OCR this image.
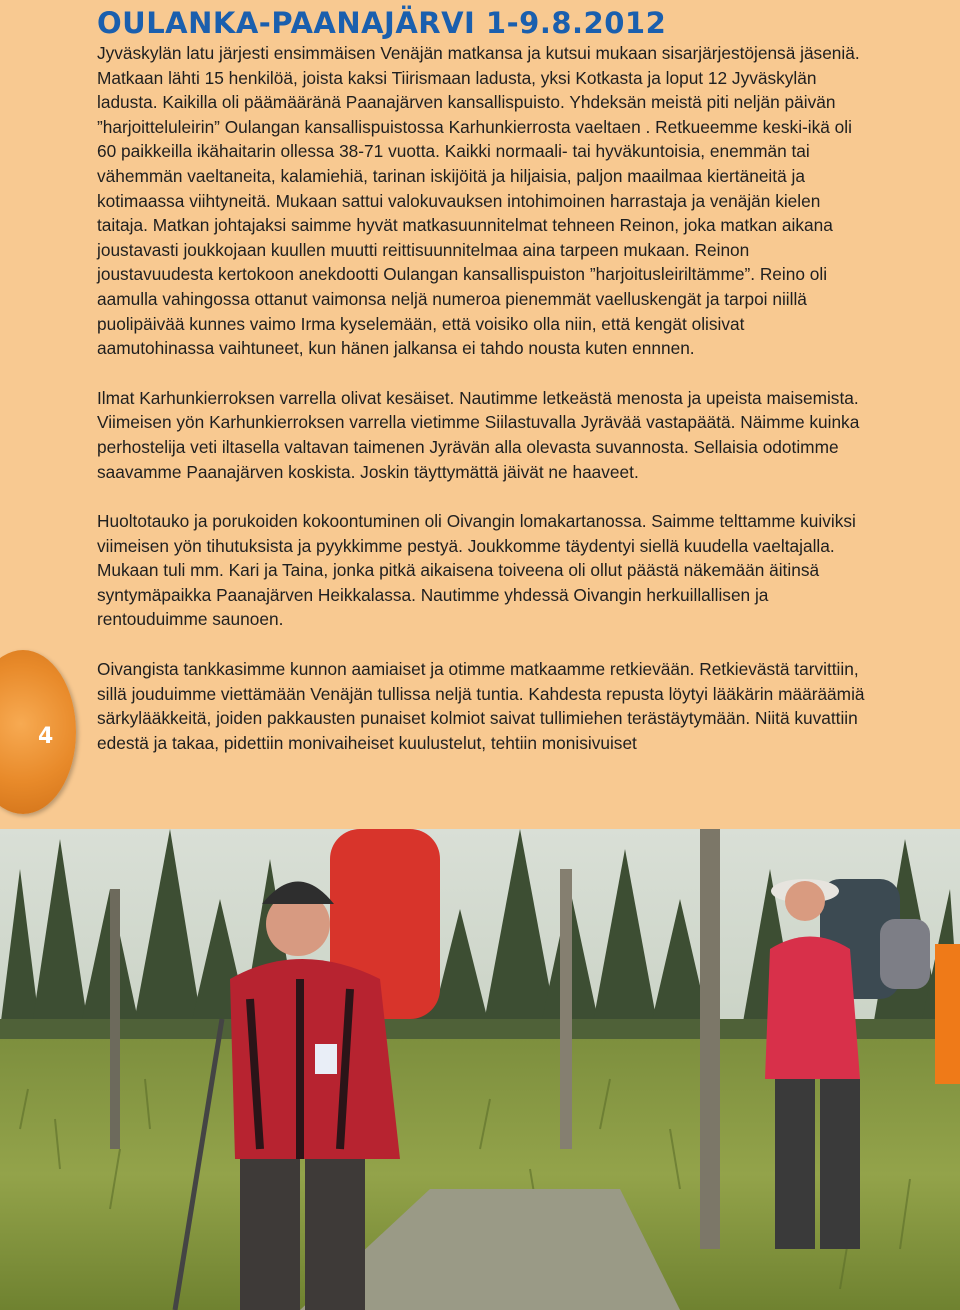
OULANKA-PAANAJÄRVI 1-9.8.2012

Jyväskylän latu järjesti ensimmäisen Venäjän matkansa ja kutsui mukaan sisarjärjestöjensä jäseniä. Matkaan lähti 15 henkilöä, joista kaksi Tiirismaan ladusta, yksi Kotkasta ja loput 12 Jyväskylän ladusta. Kaikilla oli päämääränä Paanajärven kansallispuisto. Yhdeksän meistä piti neljän päivän ”harjoitteluleirin” Oulangan kansallispuistossa Karhunkierrosta vaeltaen . Retkueemme keski-ikä oli 60 paikkeilla ikähaitarin ollessa 38-71 vuotta. Kaikki normaali- tai hyväkuntoisia, enemmän tai vähemmän vaeltaneita, kalamiehiä, tarinan iskijöitä ja hiljaisia, paljon maailmaa kiertäneitä ja kotimaassa viihtyneitä. Mukaan sattui valokuvauksen intohimoinen harrastaja ja venäjän kielen taitaja. Matkan johtajaksi saimme hyvät matkasuunnitelmat tehneen Reinon, joka matkan aikana joustavasti joukkojaan kuullen muutti reittisuunnitelmaa aina tarpeen mukaan. Reinon joustavuudesta kertokoon anekdootti Oulangan kansallispuiston ”harjoitusleiriltämme”. Reino oli aamulla vahingossa ottanut vaimonsa neljä numeroa pienemmät vaelluskengät ja tarpoi niillä puolipäivää kunnes vaimo Irma kyselemään, että voisiko olla niin, että kengät olisivat aamutohinassa vaihtuneet, kun hänen jalkansa ei tahdo nousta kuten ennnen.

Ilmat Karhunkierroksen varrella olivat kesäiset. Nautimme letkeästä menosta ja upeista maisemista. Viimeisen yön Karhunkierroksen varrella vietimme Siilastuvalla Jyrävää vastapäätä. Näimme kuinka perhostelija veti iltasella valtavan taimenen Jyrävän alla olevasta suvannosta. Sellaisia odotimme saavamme Paanajärven koskista. Joskin täyttymättä jäivät ne haaveet.

Huoltotauko ja porukoiden kokoontuminen oli Oivangin lomakartanossa. Saimme telttamme kuiviksi viimeisen yön tihutuksista ja pyykkimme pestyä. Joukkomme täydentyi siellä kuudella vaeltajalla. Mukaan tuli mm. Kari ja Taina, jonka pitkä aikaisena toiveena oli ollut päästä näkemään äitinsä syntymäpaikka Paanajärven Heikkalassa. Nautimme yhdessä Oivangin herkuillallisen ja rentouduimme saunoen.

Oivangista tankkasimme kunnon aamiaiset ja otimme matkaamme retkievään. Retkievästä tarvittiin, sillä jouduimme viettämään Venäjän tullissa neljä tuntia. Kahdesta repusta löytyi lääkärin määräämiä särkylääkkeitä, joiden pakkausten punaiset kolmiot saivat tullimiehen terästäytymään. Niitä kuvattiin edestä ja takaa, pidettiin monivaiheiset kuulustelut, tehtiin monisivuiset

4
